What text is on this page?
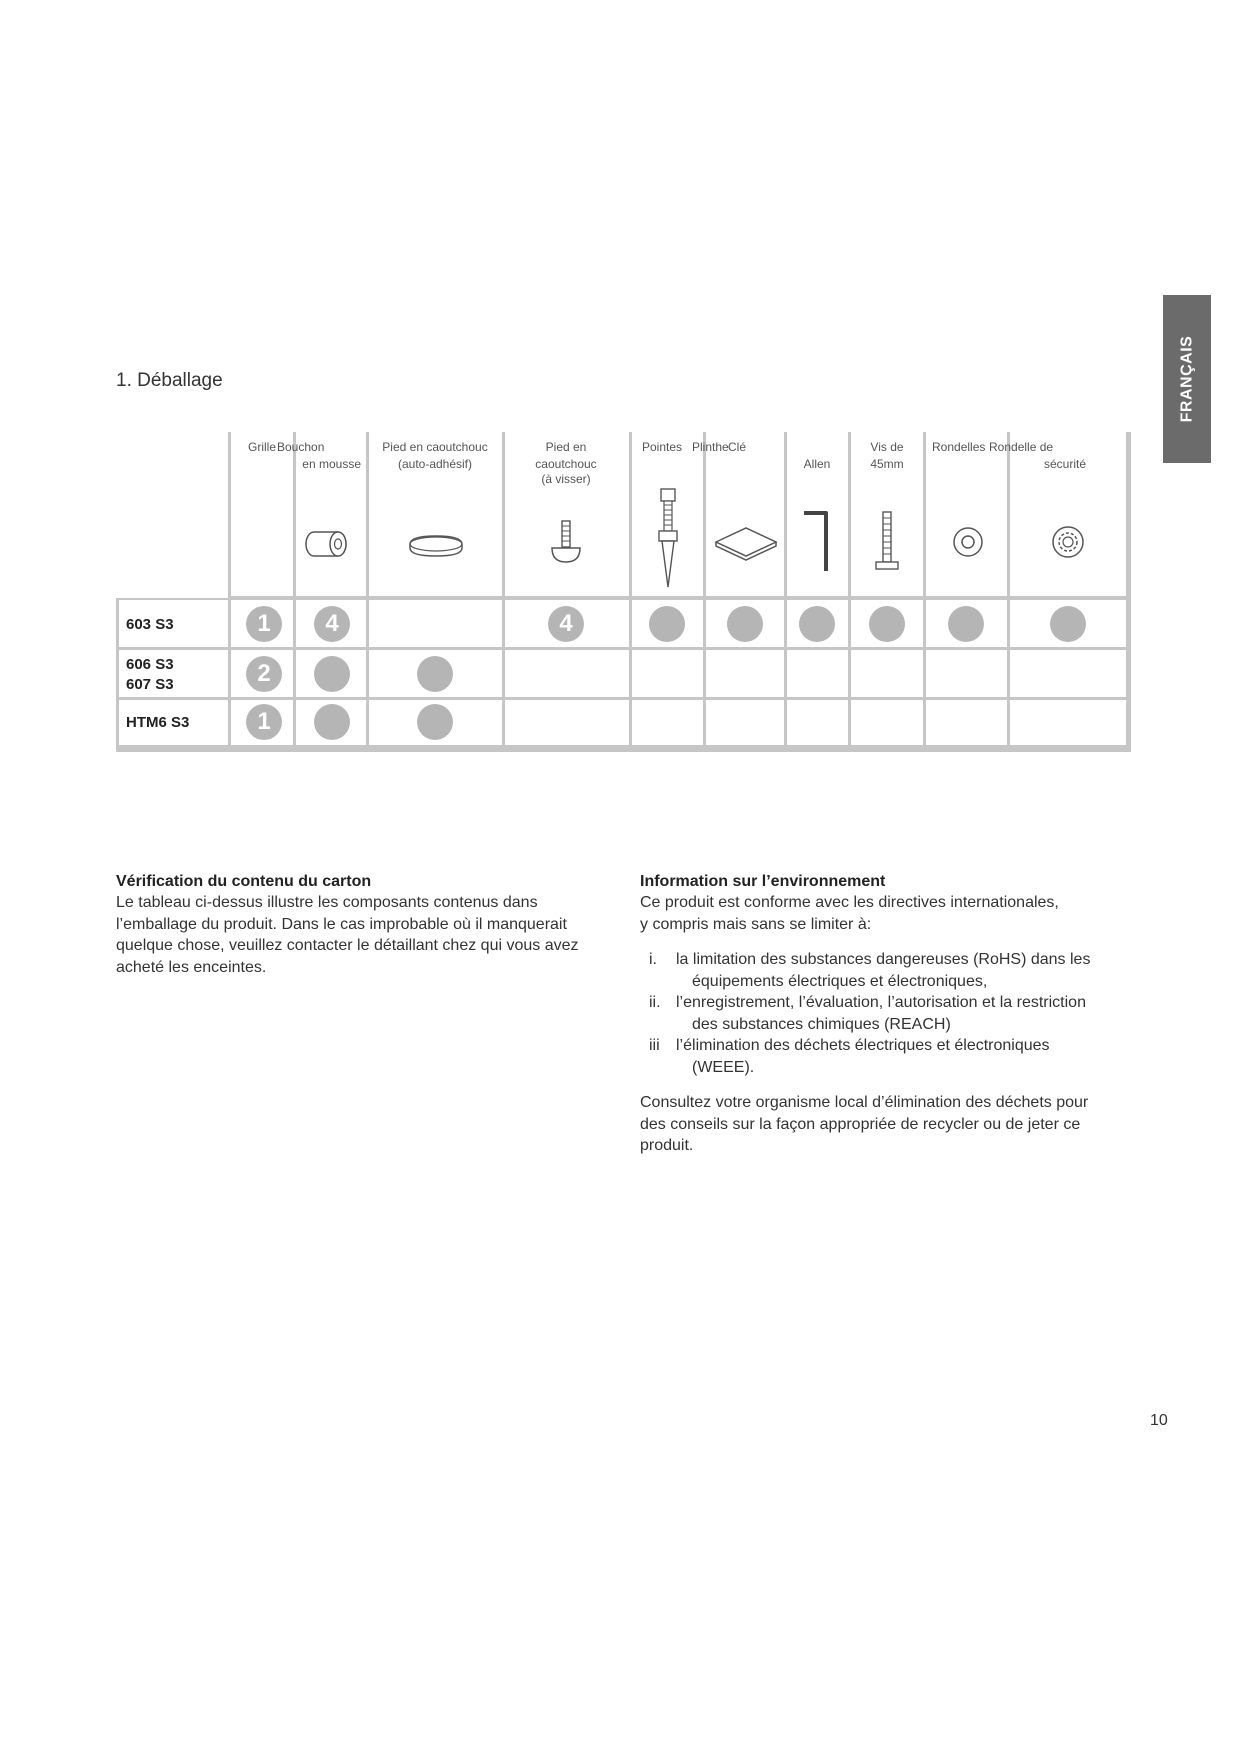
FRANÇAIS
1. Déballage
Grille Bouchon
en mousse
Pied en caoutchouc
(auto-adhésif)
Pied en
caoutchouc
(à visser)
Pointes Plinthe Clé
Allen
Vis de
45mm
Rondelles Rondelle de
sécurité
603 S3
606 S3
607 S3
HTM6 S3
1	4	4
2
1
Vérification du contenu du carton

Le tableau ci-dessus illustre les composants contenus dans

l’emballage du produit. Dans le cas improbable où il manquerait

quelque chose, veuillez contacter le détaillant chez qui vous avez

acheté les enceintes.

Information sur l’environnement

Ce produit est conforme avec les directives internationales,

y compris mais sans se limiter à:

i. la limitation des substances dangereuses (RoHS) dans les
équipements électriques et électroniques,
ii. l’enregistrement, l’évaluation, l’autorisation et la restriction
des substances chimiques (REACH)
iii l’élimination des déchets électriques et électroniques
(WEEE).

Consultez votre organisme local d’élimination des déchets pour

des conseils sur la façon appropriée de recycler ou de jeter ce

produit.

10
